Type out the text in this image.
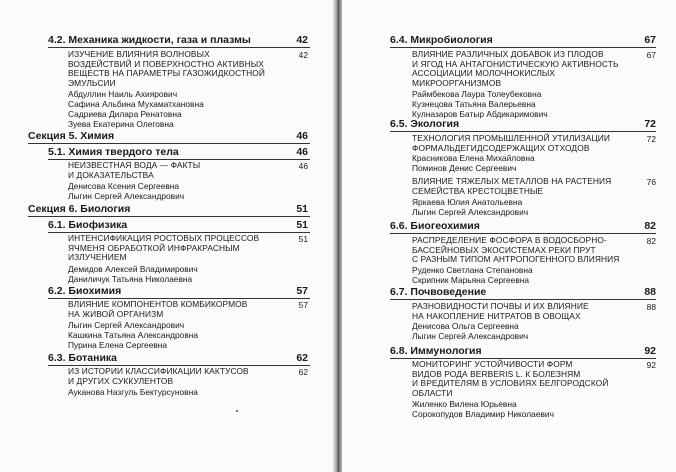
4.2. Механика жидкости, газа и плазмы	42
ИЗУЧЕНИЕ ВЛИЯНИЯ ВОЛНОВЫХ
ВОЗДЕЙСТВИЙ И ПОВЕРХНОСТНО АКТИВНЫХ
ВЕЩЕСТВ НА ПАРАМЕТРЫ ГАЗОЖИДКОСТНОЙ
ЭМУЛЬСИИ
42
Абдуллин Наиль Ахиярович
Сафина Альбина Мухаматхановна
Садриева Дилара Ренатовна
Зуева Екатерина Олеговна
Секция 5. Химия	46
5.1. Химия твердого тела	46
НЕИЗВЕСТНАЯ ВОДА — ФАКТЫ
И ДОКАЗАТЕЛЬСТВА
46
Денисова Ксения Сергеевна
Лыгин Сергей Александрович
Секция 6. Биология	51
6.1. Биофизика	51
ИНТЕНСИФИКАЦИЯ РОСТОВЫХ ПРОЦЕССОВ
ЯЧМЕНЯ ОБРАБОТКОЙ ИНФРАКРАСНЫМ
ИЗЛУЧЕНИЕМ
51
Демидов Алексей Владимирович
Даниличук Татьяна Николаевна
6.2. Биохимия	57
ВЛИЯНИЕ КОМПОНЕНТОВ КОМБИКОРМОВ
НА ЖИВОЙ ОРГАНИЗМ
57
Лыгин Сергей Александрович
Кашкина Татьяна Александровна
Пурина Елена Сергеевна
6.3. Ботаника	62
ИЗ ИСТОРИИ КЛАССИФИКАЦИИ КАКТУСОВ
И ДРУГИХ СУККУЛЕНТОВ
62
Ауканова Назгуль Бектурсуновна
6.4. Микробиология	67
ВЛИЯНИЕ РАЗЛИЧНЫХ ДОБАВОК ИЗ ПЛОДОВ
И ЯГОД НА АНТАГОНИСТИЧЕСКУЮ АКТИВНОСТЬ
АССОЦИАЦИИ МОЛОЧНОКИСЛЫХ
МИКРООРГАНИЗМОВ
67
Раймбекова Лаура Толеубековна
Кузнецова Татьяна Валерьевна
Кулназаров Батыр Абдикаримович
6.5. Экология	72
ТЕХНОЛОГИЯ ПРОМЫШЛЕННОЙ УТИЛИЗАЦИИ
ФОРМАЛЬДЕГИДСОДЕРЖАЩИХ ОТХОДОВ
72
Красникова Елена Михайловна
Поминов Денис Сергеевич
ВЛИЯНИЕ ТЯЖЕЛЫХ МЕТАЛЛОВ НА РАСТЕНИЯ
СЕМЕЙСТВА КРЕСТОЦВЕТНЫЕ
76
Яркаева Юлия Анатольевна
Лыгин Сергей Александрович
6.6. Биогеохимия	82
РАСПРЕДЕЛЕНИЕ ФОСФОРА В ВОДОСБОРНО-
БАССЕЙНОВЫХ ЭКОСИСТЕМАХ РЕКИ ПРУТ
С РАЗНЫМ ТИПОМ АНТРОПОГЕННОГО ВЛИЯНИЯ
82
Руденко Светлана Степановна
Скрипник Марьяна Сергеевна
6.7. Почвоведение	88
РАЗНОВИДНОСТИ ПОЧВЫ И ИХ ВЛИЯНИЕ
НА НАКОПЛЕНИЕ НИТРАТОВ В ОВОЩАХ
88
Денисова Ольга Сергеевна
Лыгин Сергей Александрович
6.8. Иммунология	92
МОНИТОРИНГ УСТОЙЧИВОСТИ ФОРМ
ВИДОВ РОДА BERBERIS L. К БОЛЕЗНЯМ
И ВРЕДИТЕЛЯМ В УСЛОВИЯХ БЕЛГОРОДСКОЙ
ОБЛАСТИ
92
Жиленко Вилена Юрьевна
Сорокопудов Владимир Николаевич
